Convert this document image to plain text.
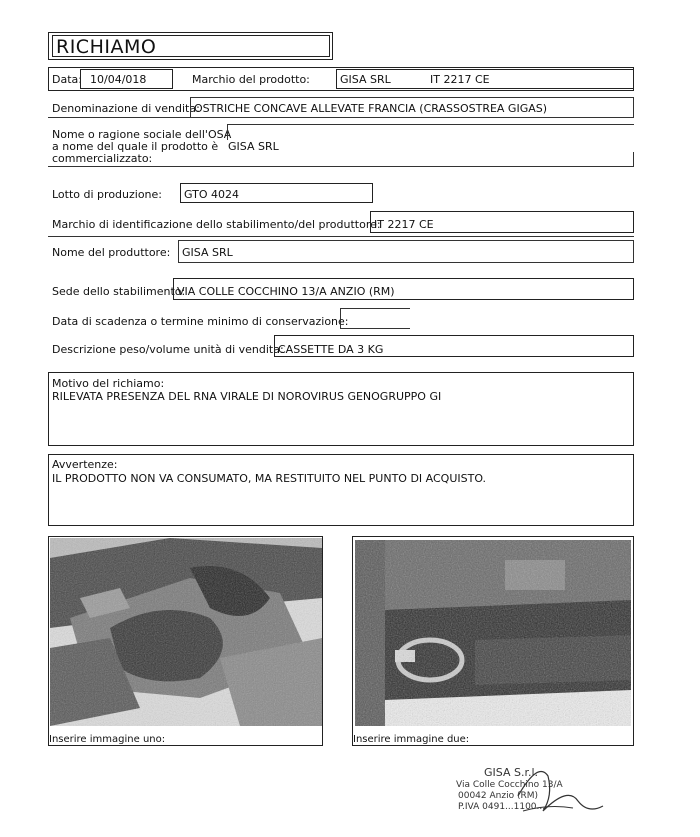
RICHIAMO
Data: 10/04/018	Marchio del prodotto:	GISA SRL	IT 2217 CE
Denominazione di vendita:
OSTRICHE CONCAVE ALLEVATE FRANCIA (CRASSOSTREA GIGAS)
Nome o ragione sociale dell'OSA
a nome del quale il prodotto è
commercializzato:
GISA SRL
Lotto di produzione: GTO 4024
Marchio di identificazione dello stabilimento/del produttore:
IT 2217 CE
Nome del produttore: GISA SRL
Sede dello stabilimento:
VIA COLLE COCCHINO 13/A ANZIO (RM)
Data di scadenza o termine minimo di conservazione:
Descrizione peso/volume unità di vendita:
CASSETTE DA 3 KG
Motivo del richiamo:
RILEVATA PRESENZA DEL RNA VIRALE DI NOROVIRUS GENOGRUPPO GI
Avvertenze:
IL PRODOTTO NON VA CONSUMATO, MA RESTITUITO NEL PUNTO DI ACQUISTO.
Inserire immagine uno:	Inserire immagine due:
GISA S.r.l.
Via Colle Cocchino 13/A
00042 Anzio (RM)
P.IVA 0491...1100...
